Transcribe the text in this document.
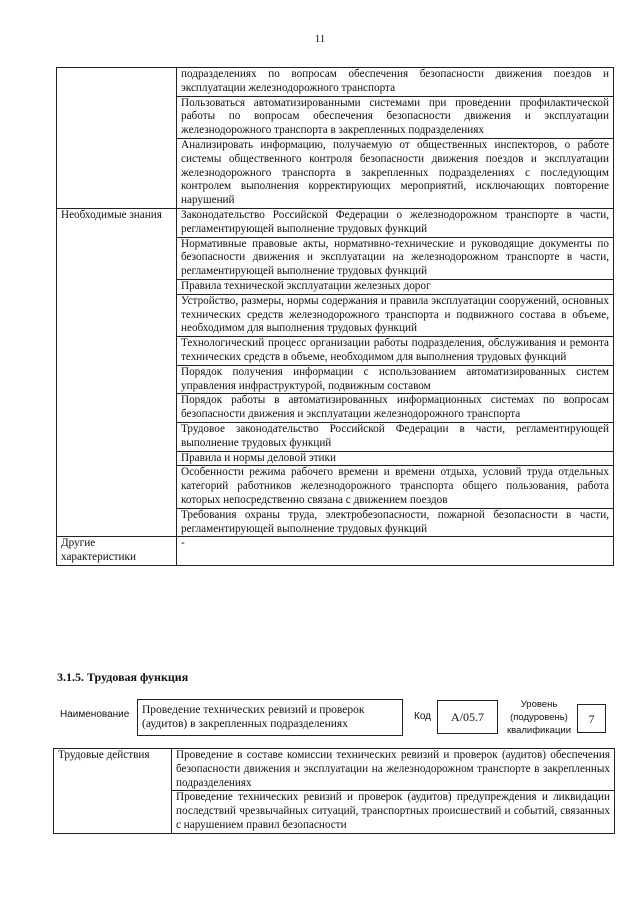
11
	подразделениях по вопросам обеспечения безопасности движения поездов и эксплуатации железнодорожного транспорта
	Пользоваться автоматизированными системами при проведении профилактической работы по вопросам обеспечения безопасности движения и эксплуатации железнодорожного транспорта в закрепленных подразделениях
	Анализировать информацию, получаемую от общественных инспекторов, о работе системы общественного контроля безопасности движения поездов и эксплуатации железнодорожного транспорта в закрепленных подразделениях с последующим контролем выполнения корректирующих мероприятий, исключающих повторение нарушений
Необходимые знания	Законодательство Российской Федерации о железнодорожном транспорте в части, регламентирующей выполнение трудовых функций
	Нормативные правовые акты, нормативно-технические и руководящие документы по безопасности движения и эксплуатации на железнодорожном транспорте в части, регламентирующей выполнение трудовых функций
	Правила технической эксплуатации железных дорог
	Устройство, размеры, нормы содержания и правила эксплуатации сооружений, основных технических средств железнодорожного транспорта и подвижного состава в объеме, необходимом для выполнения трудовых функций
	Технологический процесс организации работы подразделения, обслуживания и ремонта технических средств в объеме, необходимом для выполнения трудовых функций
	Порядок получения информации с использованием автоматизированных систем управления инфраструктурой, подвижным составом
	Порядок работы в автоматизированных информационных системах по вопросам безопасности движения и эксплуатации железнодорожного транспорта
	Трудовое законодательство Российской Федерации в части, регламентирующей выполнение трудовых функций
	Правила и нормы деловой этики
	Особенности режима рабочего времени и времени отдыха, условий труда отдельных категорий работников железнодорожного транспорта общего пользования, работа которых непосредственно связана с движением поездов
	Требования охраны труда, электробезопасности, пожарной безопасности в части, регламентирующей выполнение трудовых функций
Другие характеристики	-
3.1.5. Трудовая функция
Наименование	Проведение технических ревизий и проверок (аудитов) в закрепленных подразделениях
Код	A/05.7
Уровень (подуровень) квалификации
7
Трудовые действия	Проведение в составе комиссии технических ревизий и проверок (аудитов) обеспечения безопасности движения и эксплуатации на железнодорожном транспорте в закрепленных подразделениях
Проведение технических ревизий и проверок (аудитов) предупреждения и ликвидации последствий чрезвычайных ситуаций, транспортных происшествий и событий, связанных с нарушением правил безопасности
